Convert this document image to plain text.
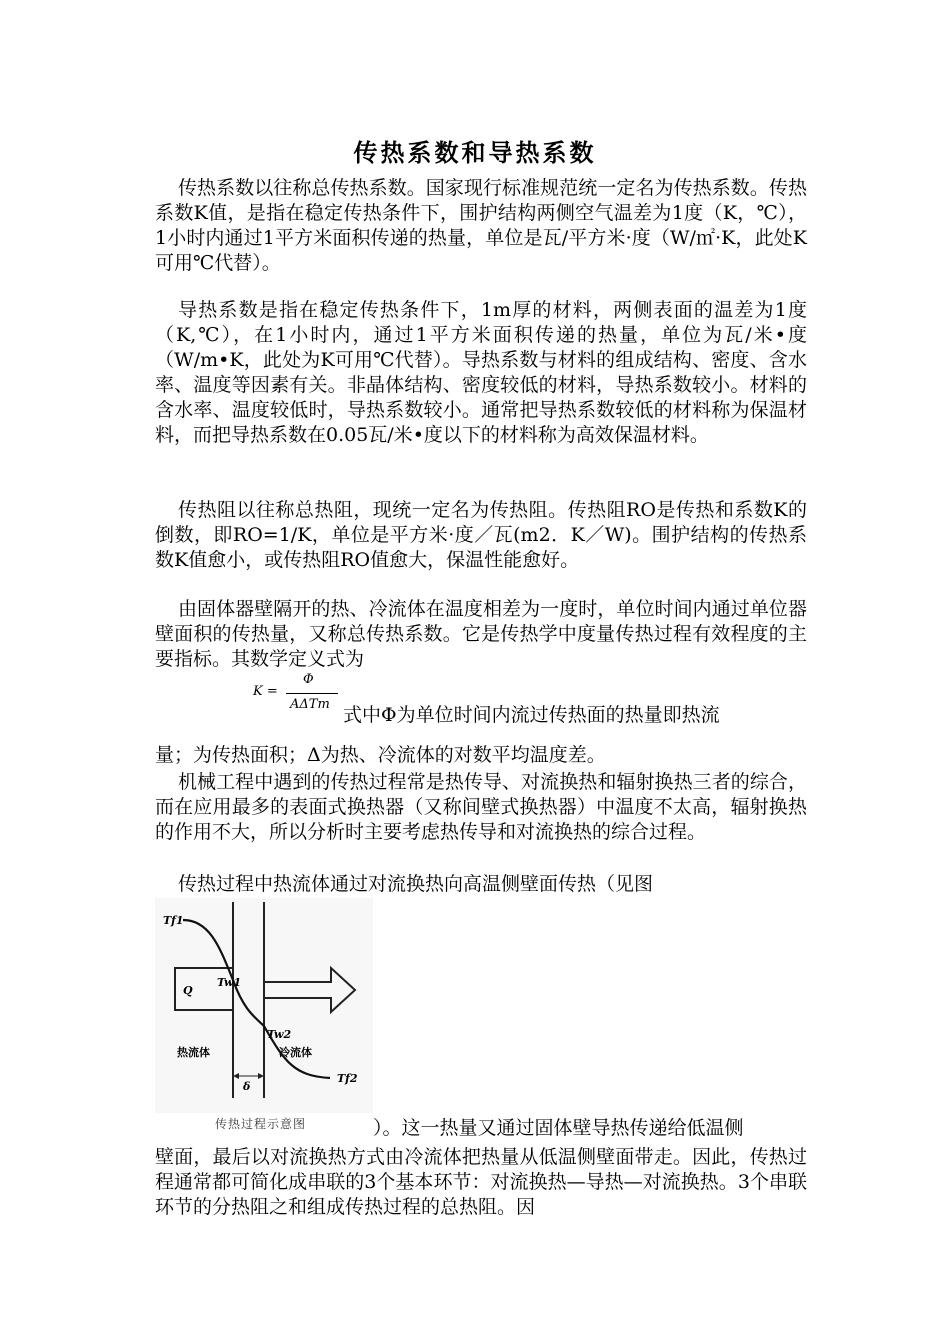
传热系数和导热系数

传热系数以往称总传热系数。国家现行标准规范统一定名为传热系数。传热系数K值，是指在稳定传热条件下，围护结构两侧空气温差为1度（K，℃），1小时内通过1平方米面积传递的热量，单位是瓦/平方米·度（W/㎡·K，此处K可用℃代替）。

导热系数是指在稳定传热条件下，1m厚的材料，两侧表面的温差为1度（K,℃），在1小时内，通过1平方米面积传递的热量，单位为瓦/米•度（W/m•K，此处为K可用℃代替）。导热系数与材料的组成结构、密度、含水率、温度等因素有关。非晶体结构、密度较低的材料，导热系数较小。材料的含水率、温度较低时，导热系数较小。通常把导热系数较低的材料称为保温材料，而把导热系数在0.05瓦/米•度以下的材料称为高效保温材料。

传热阻以往称总热阻，现统一定名为传热阻。传热阻RO是传热和系数K的倒数，即RO=1/K，单位是平方米·度／瓦(m2．K／W)。围护结构的传热系数K值愈小，或传热阻RO值愈大，保温性能愈好。

由固体器壁隔开的热、冷流体在温度相差为一度时，单位时间内通过单位器壁面积的传热量，又称总传热系数。它是传热学中度量传热过程有效程度的主要指标。其数学定义式为

K =
Φ
AΔTm 式中Φ为单位时间内流过传热面的热量即热流

量；为传热面积；Δ为热、冷流体的对数平均温度差。

机械工程中遇到的传热过程常是热传导、对流换热和辐射换热三者的综合，而在应用最多的表面式换热器（又称间壁式换热器）中温度不太高，辐射换热的作用不大，所以分析时主要考虑热传导和对流换热的综合过程。

传热过程中热流体通过对流换热向高温侧壁面传热（见图

Tf1
Tw1
Q
Tw2
热流体	冷流体
δ
Tf2
传热过程示意图	）。这一热量又通过固体壁导热传递给低温侧

壁面，最后以对流换热方式由冷流体把热量从低温侧壁面带走。因此，传热过程通常都可简化成串联的3个基本环节：对流换热—导热—对流换热。3个串联环节的分热阻之和组成传热过程的总热阻。因
